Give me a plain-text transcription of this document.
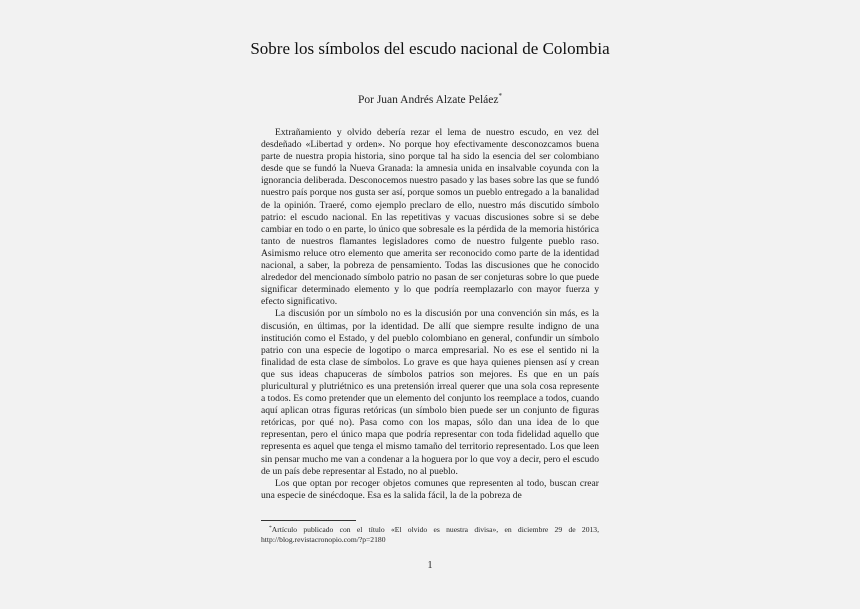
Sobre los símbolos del escudo nacional de Colombia
Por Juan Andrés Alzate Peláez*

Extrañamiento y olvido debería rezar el lema de nuestro escudo, en vez del desdeñado «Libertad y orden». No porque hoy efectivamente desconozcamos buena parte de nuestra propia historia, sino porque tal ha sido la esencia del ser colombiano desde que se fundó la Nueva Granada: la amnesia unida en insalvable coyunda con la ignorancia deliberada. Desconocemos nuestro pasado y las bases sobre las que se fundó nuestro país porque nos gusta ser así, porque somos un pueblo entregado a la banalidad de la opinión. Traeré, como ejemplo preclaro de ello, nuestro más discutido símbolo patrio: el escudo nacional. En las repetitivas y vacuas discusiones sobre si se debe cambiar en todo o en parte, lo único que sobresale es la pérdida de la memoria histórica tanto de nuestros flamantes legisladores como de nuestro fulgente pueblo raso. Asimismo reluce otro elemento que amerita ser reconocido como parte de la identidad nacional, a saber, la pobreza de pensamiento. Todas las discusiones que he conocido alrededor del mencionado símbolo patrio no pasan de ser conjeturas sobre lo que puede significar determinado elemento y lo que podría reemplazarlo con mayor fuerza y efecto significativo.

La discusión por un símbolo no es la discusión por una convención sin más, es la discusión, en últimas, por la identidad. De allí que siempre resulte indigno de una institución como el Estado, y del pueblo colombiano en general, confundir un símbolo patrio con una especie de logotipo o marca empresarial. No es ese el sentido ni la finalidad de esta clase de símbolos. Lo grave es que haya quienes piensen así y crean que sus ideas chapuceras de símbolos patrios son mejores. Es que en un país pluricultural y plutriétnico es una pretensión irreal querer que una sola cosa represente a todos. Es como pretender que un elemento del conjunto los reemplace a todos, cuando aquí aplican otras figuras retóricas (un símbolo bien puede ser un conjunto de figuras retóricas, por qué no). Pasa como con los mapas, sólo dan una idea de lo que representan, pero el único mapa que podría representar con toda fidelidad aquello que representa es aquel que tenga el mismo tamaño del territorio representado. Los que leen sin pensar mucho me van a condenar a la hoguera por lo que voy a decir, pero el escudo de un país debe representar al Estado, no al pueblo.

Los que optan por recoger objetos comunes que representen al todo, buscan crear una especie de sinécdoque. Esa es la salida fácil, la de la pobreza de

*Artículo publicado con el título «El olvido es nuestra divisa», en diciembre 29 de 2013, http://blog.revistacronopio.com/?p=2180
1
